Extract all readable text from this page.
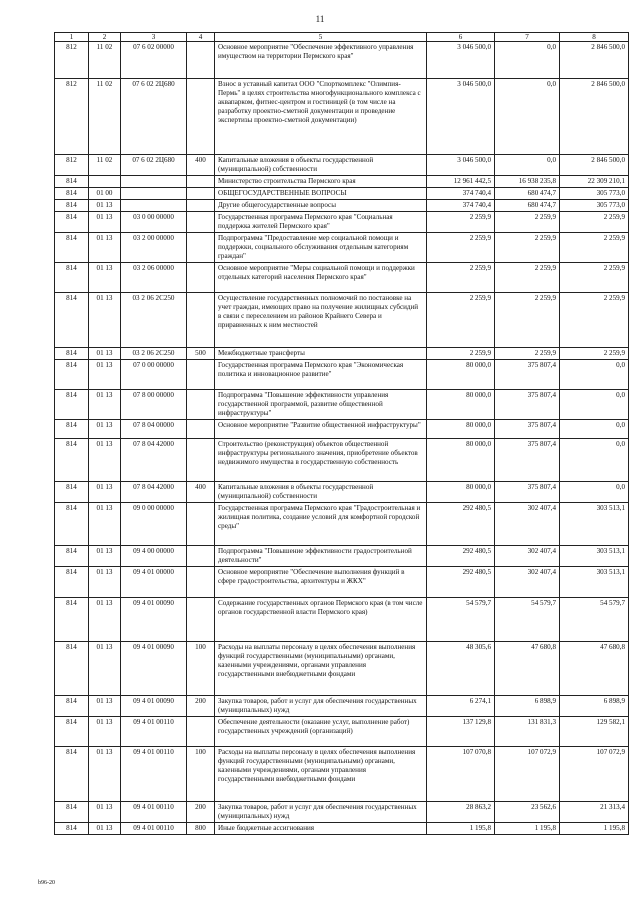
11
1	2	3	4	5	6	7	8
812	11 02	07 6 02 00000		Основное мероприятие "Обеспечение эффективного управления имуществом на территории Пермского края"	3 046 500,0	0,0	2 846 500,0
812	11 02	07 6 02 2Ц680		Взнос в уставный капитал ООО "Спорткомплекс "Олимпия-Пермь" в целях строительства многофункционального комплекса с аквапарком, фитнес-центром и гостиницей (в том числе на разработку проектно-сметной документации и проведение экспертизы проектно-сметной документации)	3 046 500,0	0,0	2 846 500,0
812	11 02	07 6 02 2Ц680	400	Капитальные вложения в объекты государственной (муниципальной) собственности	3 046 500,0	0,0	2 846 500,0
814				Министерство строительства Пермского края	12 961 442,5	16 938 235,8	22 309 210,1
814	01 00			ОБЩЕГОСУДАРСТВЕННЫЕ ВОПРОСЫ	374 740,4	680 474,7	305 773,0
814	01 13			Другие общегосударственные вопросы	374 740,4	680 474,7	305 773,0
814	01 13	03 0 00 00000		Государственная программа Пермского края "Социальная поддержка жителей Пермского края"	2 259,9	2 259,9	2 259,9
814	01 13	03 2 00 00000		Подпрограмма "Предоставление мер социальной помощи и поддержки, социального обслуживания отдельным категориям граждан"	2 259,9	2 259,9	2 259,9
814	01 13	03 2 06 00000		Основное мероприятие "Меры социальной помощи и поддержки отдельных категорий населения Пермского края"	2 259,9	2 259,9	2 259,9
814	01 13	03 2 06 2С250		Осуществление государственных полномочий по постановке на учет граждан, имеющих право на получение жилищных субсидий в связи с переселением из районов Крайнего Севера и приравненных к ним местностей	2 259,9	2 259,9	2 259,9
814	01 13	03 2 06 2С250	500	Межбюджетные трансферты	2 259,9	2 259,9	2 259,9
814	01 13	07 0 00 00000		Государственная программа Пермского края "Экономическая политика и инновационное развитие"	80 000,0	375 807,4	0,0
814	01 13	07 8 00 00000		Подпрограмма "Повышение эффективности управления государственной программой, развитие общественной инфраструктуры"	80 000,0	375 807,4	0,0
814	01 13	07 8 04 00000		Основное мероприятие "Развитие общественной инфраструктуры"	80 000,0	375 807,4	0,0
814	01 13	07 8 04 42000		Строительство (реконструкция) объектов общественной инфраструктуры регионального значения, приобретение объектов недвижимого имущества в государственную собственность	80 000,0	375 807,4	0,0
814	01 13	07 8 04 42000	400	Капитальные вложения в объекты государственной (муниципальной) собственности	80 000,0	375 807,4	0,0
814	01 13	09 0 00 00000		Государственная программа Пермского края "Градостроительная и жилищная политика, создание условий для комфортной городской среды"	292 480,5	302 407,4	303 513,1
814	01 13	09 4 00 00000		Подпрограмма "Повышение эффективности градостроительной деятельности"	292 480,5	302 407,4	303 513,1
814	01 13	09 4 01 00000		Основное мероприятие "Обеспечение выполнения функций в сфере градостроительства, архитектуры и ЖКХ"	292 480,5	302 407,4	303 513,1
814	01 13	09 4 01 00090		Содержание государственных органов Пермского края (в том числе органов государственной власти Пермского края)	54 579,7	54 579,7	54 579,7
814	01 13	09 4 01 00090	100	Расходы на выплаты персоналу в целях обеспечения выполнения функций государственными (муниципальными) органами, казенными учреждениями, органами управления государственными внебюджетными фондами	48 305,6	47 680,8	47 680,8
814	01 13	09 4 01 00090	200	Закупка товаров, работ и услуг для обеспечения государственных (муниципальных) нужд	6 274,1	6 898,9	6 898,9
814	01 13	09 4 01 00110		Обеспечение деятельности (оказание услуг, выполнение работ) государственных учреждений (организаций)	137 129,8	131 831,3	129 582,1
814	01 13	09 4 01 00110	100	Расходы на выплаты персоналу в целях обеспечения выполнения функций государственными (муниципальными) органами, казенными учреждениями, органами управления государственными внебюджетными фондами	107 070,8	107 072,9	107 072,9
814	01 13	09 4 01 00110	200	Закупка товаров, работ и услуг для обеспечения государственных (муниципальных) нужд	28 863,2	23 562,6	21 313,4
814	01 13	09 4 01 00110	800	Иные бюджетные ассигнования	1 195,8	1 195,8	1 195,8
b96-20
